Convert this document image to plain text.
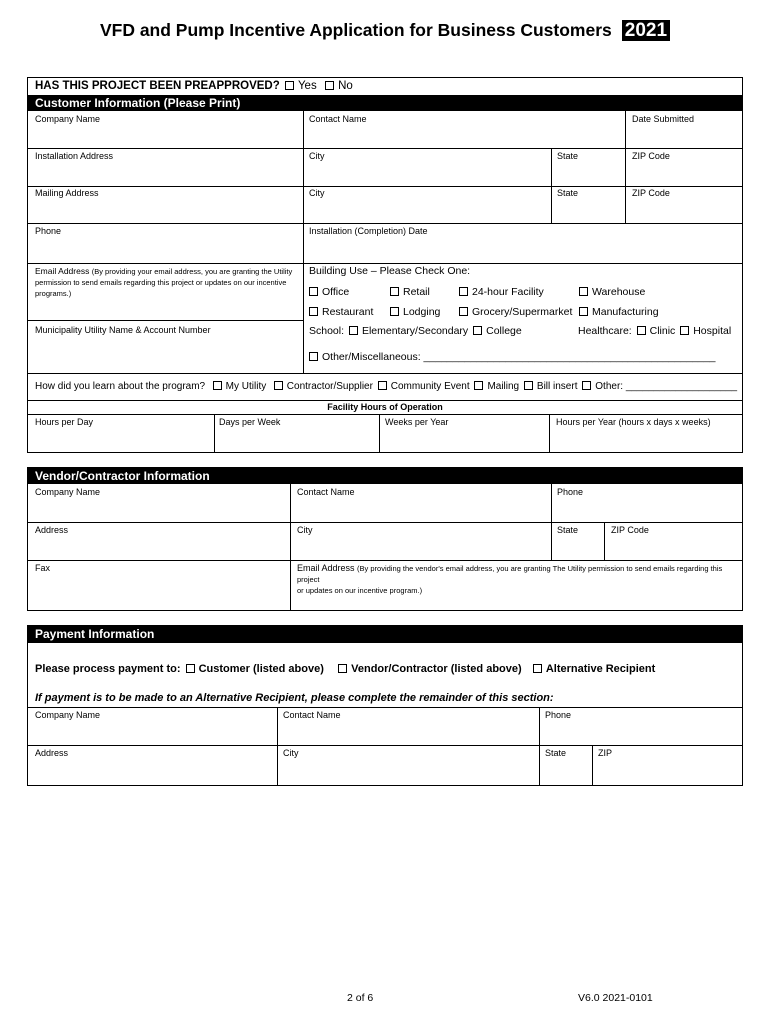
VFD and Pump Incentive Application for Business Customers 2021
HAS THIS PROJECT BEEN PREAPPROVED? Yes No
Customer Information (Please Print)
Company Name	Contact Name	Date Submitted
Installation Address	City	State	ZIP Code
Mailing Address	City	State	ZIP Code
Phone	Installation (Completion) Date
Email Address (By providing your email address, you are granting the Utility permission to send emails regarding this project or updates on our incentive programs.)
Municipality Utility Name & Account Number
Building Use – Please Check One:
Office	Retail	24-hour Facility	Warehouse
Restaurant	Lodging	Grocery/Supermarket	Manufacturing
School: Elementary/Secondary College	Healthcare: Clinic Hospital
Other/Miscellaneous: __________________________________________________
How did you learn about the program? My Utility Contractor/Supplier Community Event Mailing Bill insert Other: ____________________
Facility Hours of Operation
Hours per Day	Days per Week	Weeks per Year	Hours per Year (hours x days x weeks)
Vendor/Contractor Information
Company Name	Contact Name	Phone
Address	City	State	ZIP Code
Fax	Email Address (By providing the vendor's email address, you are granting The Utility permission to send emails regarding this project
or updates on our incentive program.)
Payment Information
Please process payment to: Customer (listed above) Vendor/Contractor (listed above) Alternative Recipient
If payment is to be made to an Alternative Recipient, please complete the remainder of this section:
Company Name	Contact Name	Phone
Address	City	State	ZIP
2 of 6	V6.0 2021-0101
